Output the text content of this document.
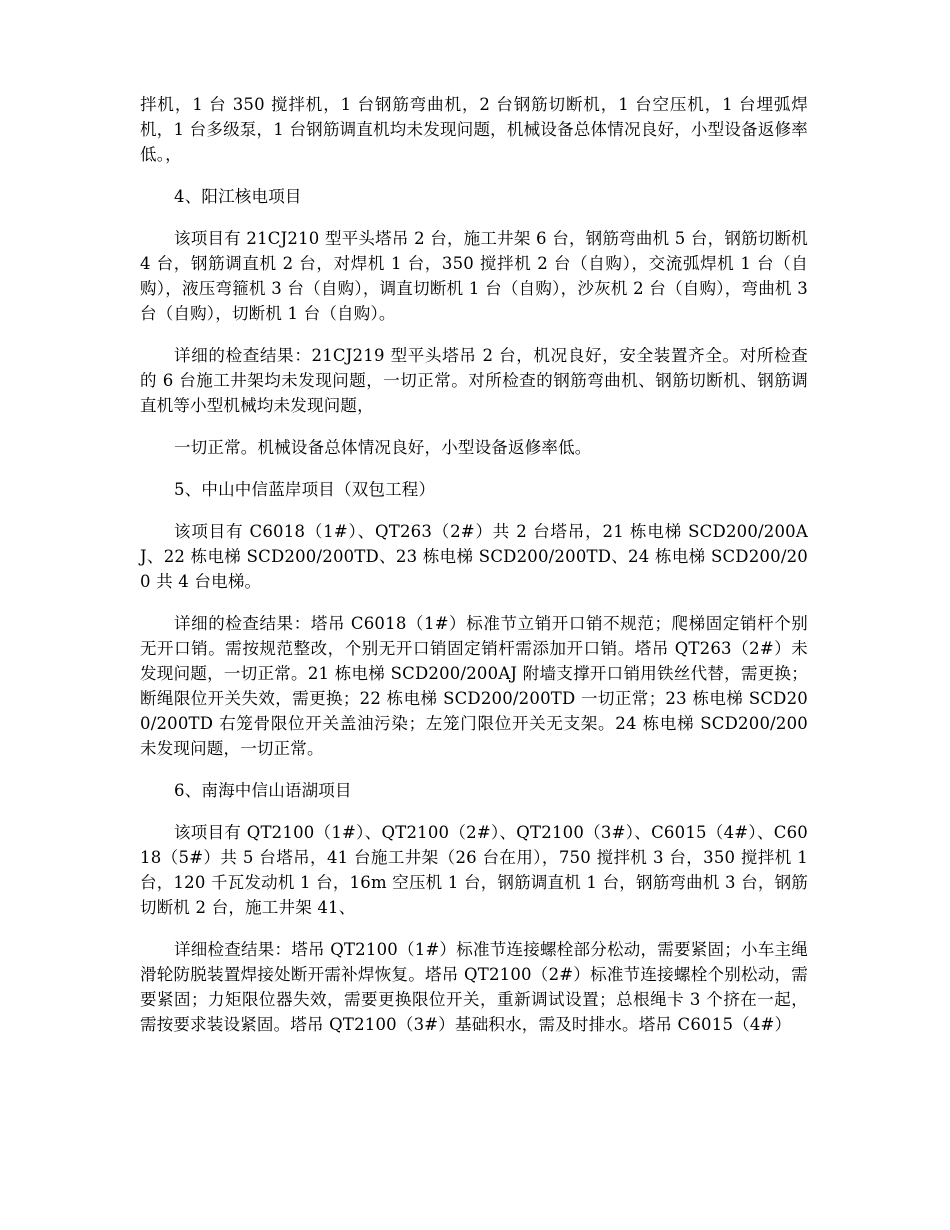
拌机，1 台 350 搅拌机，1 台钢筋弯曲机，2 台钢筋切断机，1 台空压机，1 台埋弧焊机，1 台多级泵，1 台钢筋调直机均未发现问题，机械设备总体情况良好，小型设备返修率低。，

4、阳江核电项目

该项目有 21CJ210 型平头塔吊 2 台，施工井架 6 台，钢筋弯曲机 5 台，钢筋切断机 4 台，钢筋调直机 2 台，对焊机 1 台，350 搅拌机 2 台（自购），交流弧焊机 1 台（自购），液压弯箍机 3 台（自购），调直切断机 1 台（自购），沙灰机 2 台（自购），弯曲机 3 台（自购），切断机 1 台（自购）。

详细的检查结果：21CJ219 型平头塔吊 2 台，机况良好，安全装置齐全。对所检查的 6 台施工井架均未发现问题，一切正常。对所检查的钢筋弯曲机、钢筋切断机、钢筋调直机等小型机械均未发现问题，

一切正常。机械设备总体情况良好，小型设备返修率低。

5、中山中信蓝岸项目（双包工程）

该项目有 C6018（1#）、QT263（2#）共 2 台塔吊，21 栋电梯 SCD200/200AJ、22 栋电梯 SCD200/200TD、23 栋电梯 SCD200/200TD、24 栋电梯 SCD200/200 共 4 台电梯。

详细的检查结果：塔吊 C6018（1#）标准节立销开口销不规范；爬梯固定销杆个别无开口销。需按规范整改，个别无开口销固定销杆需添加开口销。塔吊 QT263（2#）未发现问题，一切正常。21 栋电梯 SCD200/200AJ 附墙支撑开口销用铁丝代替，需更换；断绳限位开关失效，需更换；22 栋电梯 SCD200/200TD 一切正常；23 栋电梯 SCD200/200TD 右笼骨限位开关盖油污染；左笼门限位开关无支架。24 栋电梯 SCD200/200 未发现问题，一切正常。

6、南海中信山语湖项目

该项目有 QT2100（1#）、QT2100（2#）、QT2100（3#）、C6015（4#）、C6018（5#）共 5 台塔吊，41 台施工井架（26 台在用），750 搅拌机 3 台，350 搅拌机 1 台，120 千瓦发动机 1 台，16m 空压机 1 台，钢筋调直机 1 台，钢筋弯曲机 3 台，钢筋切断机 2 台，施工井架 41、

详细检查结果：塔吊 QT2100（1#）标准节连接螺栓部分松动，需要紧固；小车主绳滑轮防脱装置焊接处断开需补焊恢复。塔吊 QT2100（2#）标准节连接螺栓个别松动，需要紧固；力矩限位器失效，需要更换限位开关，重新调试设置；总根绳卡 3 个挤在一起，需按要求装设紧固。塔吊 QT2100（3#）基础积水，需及时排水。塔吊 C6015（4#）
